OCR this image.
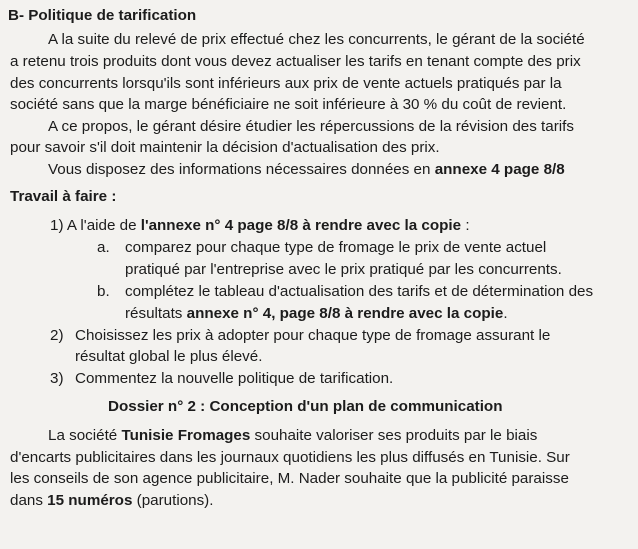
B- Politique de tarification
A la suite du relevé de prix effectué chez les concurrents, le gérant de la société
a retenu trois produits dont vous devez actualiser les tarifs en tenant compte des prix
des concurrents lorsqu'ils sont inférieurs aux prix de vente actuels pratiqués par la
société sans que la marge bénéficiaire ne soit inférieure à 30 % du coût de revient.
A ce propos, le gérant désire étudier les répercussions de la révision des tarifs
pour savoir s'il doit maintenir la décision d'actualisation des prix.
Vous disposez des informations nécessaires données en annexe 4 page 8/8
Travail à faire :
1) A l'aide de l'annexe n° 4 page 8/8 à rendre avec la copie :
a. comparez pour chaque type de fromage le prix de vente actuel
pratiqué par l'entreprise avec le prix pratiqué par les concurrents.
b. complétez le tableau d'actualisation des tarifs et de détermination des
résultats annexe n° 4, page 8/8 à rendre avec la copie.
2) Choisissez les prix à adopter pour chaque type de fromage assurant le
résultat global le plus élevé.
3) Commentez la nouvelle politique de tarification.
Dossier n° 2 : Conception d'un plan de communication
La société Tunisie Fromages souhaite valoriser ses produits par le biais
d'encarts publicitaires dans les journaux quotidiens les plus diffusés en Tunisie. Sur
les conseils de son agence publicitaire, M. Nader souhaite que la publicité paraisse
dans 15 numéros (parutions).
